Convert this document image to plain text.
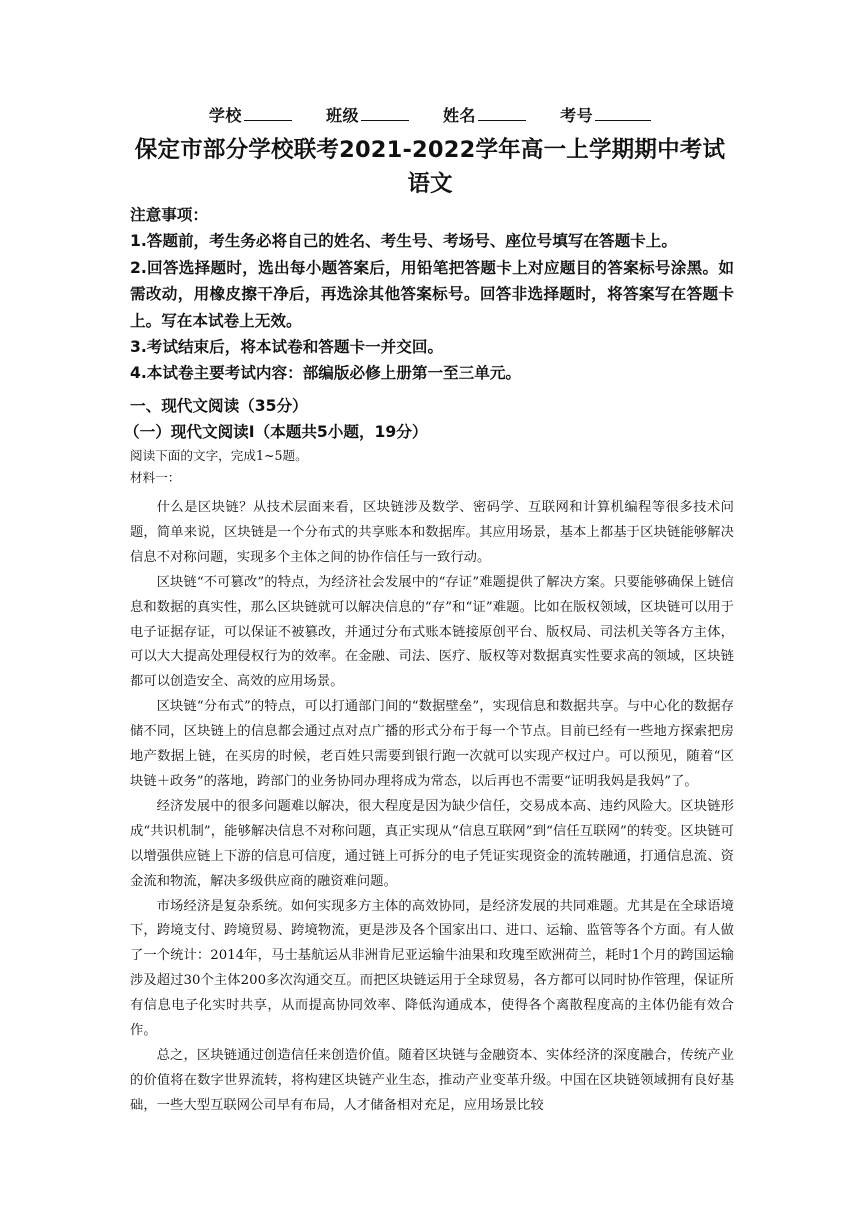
学校	班级	姓名	考号
保定市部分学校联考2021-2022学年高一上学期期中考试
语文

注意事项：

1.答题前，考生务必将自己的姓名、考生号、考场号、座位号填写在答题卡上。

2.回答选择题时，选出每小题答案后，用铅笔把答题卡上对应题目的答案标号涂黑。如需改动，用橡皮擦干净后，再选涂其他答案标号。回答非选择题时，将答案写在答题卡上。写在本试卷上无效。

3.考试结束后，将本试卷和答题卡一并交回。

4.本试卷主要考试内容：部编版必修上册第一至三单元。

一、现代文阅读（35分）
（一）现代文阅读Ⅰ（本题共5小题，19分）
阅读下面的文字，完成1~5题。
材料一：

什么是区块链？从技术层面来看，区块链涉及数学、密码学、互联网和计算机编程等很多技术问题，简单来说，区块链是一个分布式的共享账本和数据库。其应用场景，基本上都基于区块链能够解决信息不对称问题，实现多个主体之间的协作信任与一致行动。

区块链“不可篡改”的特点，为经济社会发展中的“存证”难题提供了解决方案。只要能够确保上链信息和数据的真实性，那么区块链就可以解决信息的“存”和“证”难题。比如在版权领域，区块链可以用于电子证据存证，可以保证不被篡改，并通过分布式账本链接原创平台、版权局、司法机关等各方主体，可以大大提高处理侵权行为的效率。在金融、司法、医疗、版权等对数据真实性要求高的领域，区块链都可以创造安全、高效的应用场景。

区块链“分布式”的特点，可以打通部门间的“数据壁垒”，实现信息和数据共享。与中心化的数据存储不同，区块链上的信息都会通过点对点广播的形式分布于每一个节点。目前已经有一些地方探索把房地产数据上链，在买房的时候，老百姓只需要到银行跑一次就可以实现产权过户。可以预见，随着“区块链＋政务”的落地，跨部门的业务协同办理将成为常态，以后再也不需要“证明我妈是我妈”了。

经济发展中的很多问题难以解决，很大程度是因为缺少信任，交易成本高、违约风险大。区块链形成“共识机制”，能够解决信息不对称问题，真正实现从“信息互联网”到“信任互联网”的转变。区块链可以增强供应链上下游的信息可信度，通过链上可拆分的电子凭证实现资金的流转融通，打通信息流、资金流和物流，解决多级供应商的融资难问题。

市场经济是复杂系统。如何实现多方主体的高效协同，是经济发展的共同难题。尤其是在全球语境下，跨境支付、跨境贸易、跨境物流，更是涉及各个国家出口、进口、运输、监管等各个方面。有人做了一个统计：2014年，马士基航运从非洲肯尼亚运输牛油果和玫瑰至欧洲荷兰，耗时1个月的跨国运输涉及超过30个主体200多次沟通交互。而把区块链运用于全球贸易，各方都可以同时协作管理，保证所有信息电子化实时共享，从而提高协同效率、降低沟通成本，使得各个离散程度高的主体仍能有效合作。

总之，区块链通过创造信任来创造价值。随着区块链与金融资本、实体经济的深度融合，传统产业的价值将在数字世界流转，将构建区块链产业生态，推动产业变革升级。中国在区块链领域拥有良好基础，一些大型互联网公司早有布局，人才储备相对充足，应用场景比较
